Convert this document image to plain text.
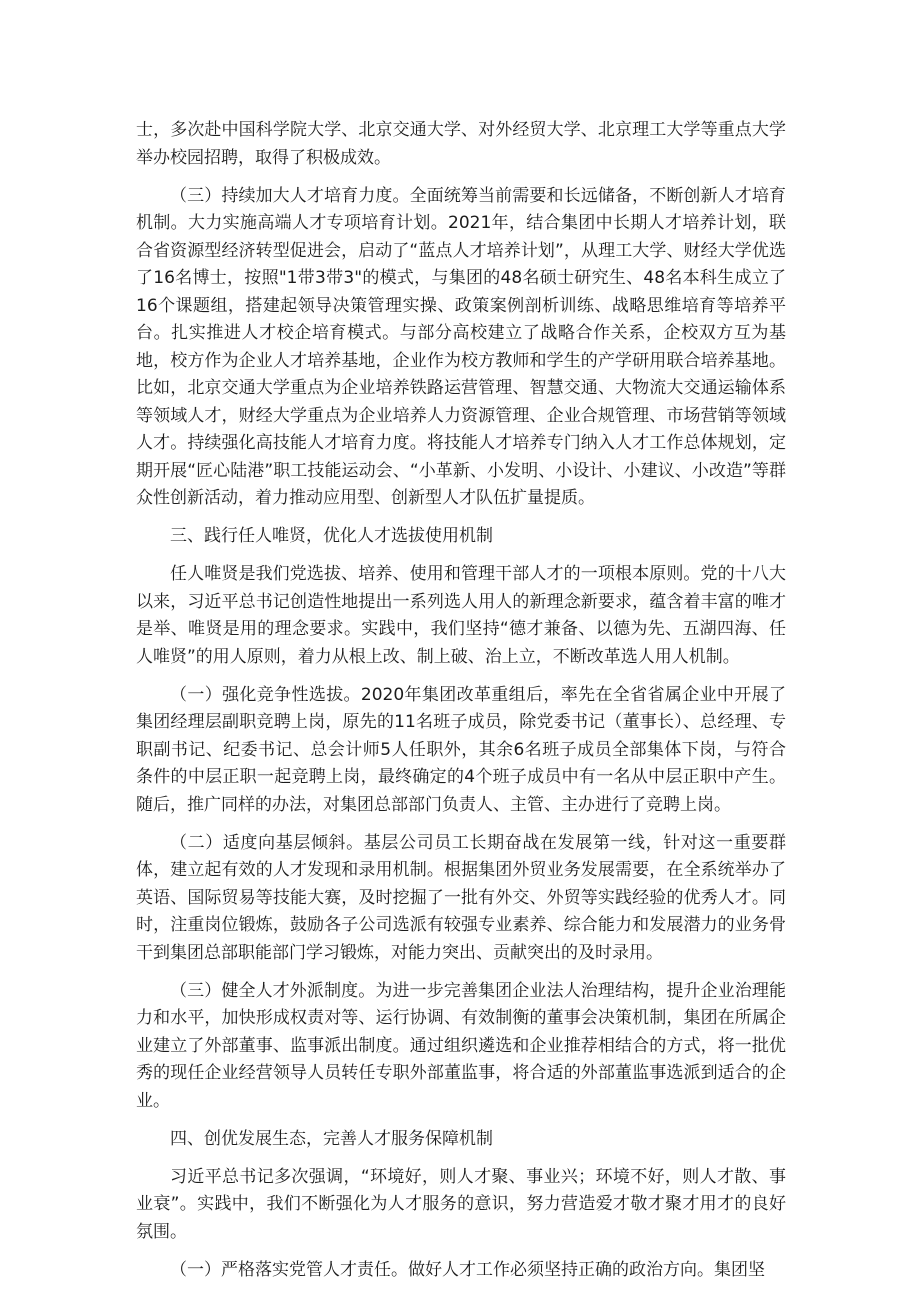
士，多次赴中国科学院大学、北京交通大学、对外经贸大学、北京理工大学等重点大学举办校园招聘，取得了积极成效。

（三）持续加大人才培育力度。全面统筹当前需要和长远储备，不断创新人才培育机制。大力实施高端人才专项培育计划。2021年，结合集团中长期人才培养计划，联合省资源型经济转型促进会，启动了“蓝点人才培养计划”，从理工大学、财经大学优选了16名博士，按照"1带3带3"的模式，与集团的48名硕士研究生、48名本科生成立了16个课题组，搭建起领导决策管理实操、政策案例剖析训练、战略思维培育等培养平台。扎实推进人才校企培育模式。与部分高校建立了战略合作关系，企校双方互为基地，校方作为企业人才培养基地，企业作为校方教师和学生的产学研用联合培养基地。比如，北京交通大学重点为企业培养铁路运营管理、智慧交通、大物流大交通运输体系等领域人才，财经大学重点为企业培养人力资源管理、企业合规管理、市场营销等领域人才。持续强化高技能人才培育力度。将技能人才培养专门纳入人才工作总体规划，定期开展“匠心陆港”职工技能运动会、“小革新、小发明、小设计、小建议、小改造”等群众性创新活动，着力推动应用型、创新型人才队伍扩量提质。

三、践行任人唯贤，优化人才选拔使用机制

任人唯贤是我们党选拔、培养、使用和管理干部人才的一项根本原则。党的十八大以来，习近平总书记创造性地提出一系列选人用人的新理念新要求，蕴含着丰富的唯才是举、唯贤是用的理念要求。实践中，我们坚持“德才兼备、以德为先、五湖四海、任人唯贤”的用人原则，着力从根上改、制上破、治上立，不断改革选人用人机制。

（一）强化竞争性选拔。2020年集团改革重组后，率先在全省省属企业中开展了集团经理层副职竞聘上岗，原先的11名班子成员，除党委书记（董事长）、总经理、专职副书记、纪委书记、总会计师5人任职外，其余6名班子成员全部集体下岗，与符合条件的中层正职一起竞聘上岗，最终确定的4个班子成员中有一名从中层正职中产生。随后，推广同样的办法，对集团总部部门负责人、主管、主办进行了竞聘上岗。

（二）适度向基层倾斜。基层公司员工长期奋战在发展第一线，针对这一重要群体，建立起有效的人才发现和录用机制。根据集团外贸业务发展需要，在全系统举办了英语、国际贸易等技能大赛，及时挖掘了一批有外交、外贸等实践经验的优秀人才。同时，注重岗位锻炼，鼓励各子公司选派有较强专业素养、综合能力和发展潜力的业务骨干到集团总部职能部门学习锻炼，对能力突出、贡献突出的及时录用。

（三）健全人才外派制度。为进一步完善集团企业法人治理结构，提升企业治理能力和水平，加快形成权责对等、运行协调、有效制衡的董事会决策机制，集团在所属企业建立了外部董事、监事派出制度。通过组织遴选和企业推荐相结合的方式，将一批优秀的现任企业经营领导人员转任专职外部董监事，将合适的外部董监事选派到适合的企业。

四、创优发展生态，完善人才服务保障机制

习近平总书记多次强调，“环境好，则人才聚、事业兴；环境不好，则人才散、事业衰”。实践中，我们不断强化为人才服务的意识，努力营造爱才敬才聚才用才的良好氛围。

（一）严格落实党管人才责任。做好人才工作必须坚持正确的政治方向。集团坚
